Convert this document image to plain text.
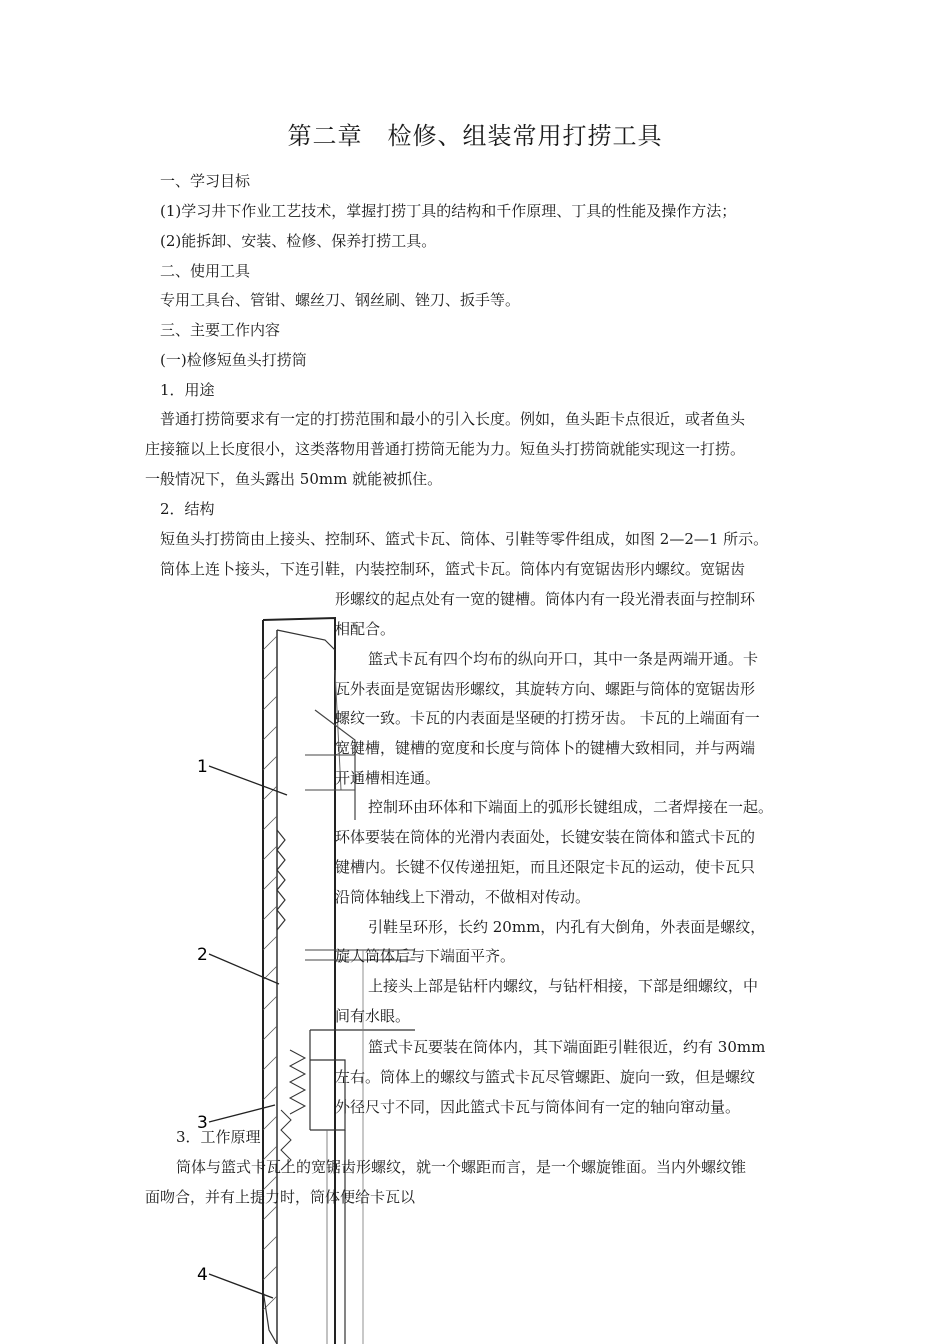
第二章　检修、组装常用打捞工具
一、学习目标
(1)学习井下作业工艺技术，掌握打捞丁具的结构和千作原理、丁具的性能及操作方法；
(2)能拆卸、安装、检修、保养打捞工具。
二、使用工具
专用工具台、管钳、螺丝刀、钢丝刷、锉刀、扳手等。
三、主要工作内容
(一)检修短鱼头打捞筒
1．用途
普通打捞筒要求有一定的打捞范围和最小的引入长度。例如，鱼头距卡点很近，或者鱼头
庄接箍以上长度很小，这类落物用普通打捞筒无能为力。短鱼头打捞筒就能实现这一打捞。
一般情况下，鱼头露出 50mm 就能被抓住。
2．结构
短鱼头打捞筒由上接头、控制环、篮式卡瓦、筒体、引鞋等零件组成，如图 2—2—1 所示。
筒体上连卜接头，下连引鞋，内装控制环，篮式卡瓦。筒体内有宽锯齿形内螺纹。宽锯齿
1
2
3
4
形螺纹的起点处有一宽的键槽。筒体内有一段光滑表面与控制环
相配合。
篮式卡瓦有四个均布的纵向开口，其中一条是两端开通。卡
瓦外表面是宽锯齿形螺纹，其旋转方向、螺距与筒体的宽锯齿形
螺纹一致。卡瓦的内表面是坚硬的打捞牙齿。 卡瓦的上端面有一
宽键槽，键槽的宽度和长度与筒体卜的键槽大致相同，并与两端
开通槽相连通。
控制环由环体和下端面上的弧形长键组成，二者焊接在一起。
环体要装在筒体的光滑内表面处，长键安装在筒体和篮式卡瓦的
键槽内。长键不仅传递扭矩，而且还限定卡瓦的运动，使卡瓦只
沿筒体轴线上下滑动，不做相对传动。
引鞋呈环形，长约 20mm，内孔有大倒角，外表面是螺纹，
旋人筒体后与下端面平齐。
上接头上部是钻杆内螺纹，与钻杆相接，下部是细螺纹，中
间有水眼。
篮式卡瓦要装在筒体内，其下端面距引鞋很近，约有 30mm
左右。筒体上的螺纹与篮式卡瓦尽管螺距、旋向一致，但是螺纹
外径尺寸不同，因此篮式卡瓦与筒体间有一定的轴向窜动量。
3．工作原理
筒体与篮式卡瓦上的宽锯齿形螺纹，就一个螺距而言，是一个螺旋锥面。当内外螺纹锥
面吻合，并有上提力时，筒体便给卡瓦以
